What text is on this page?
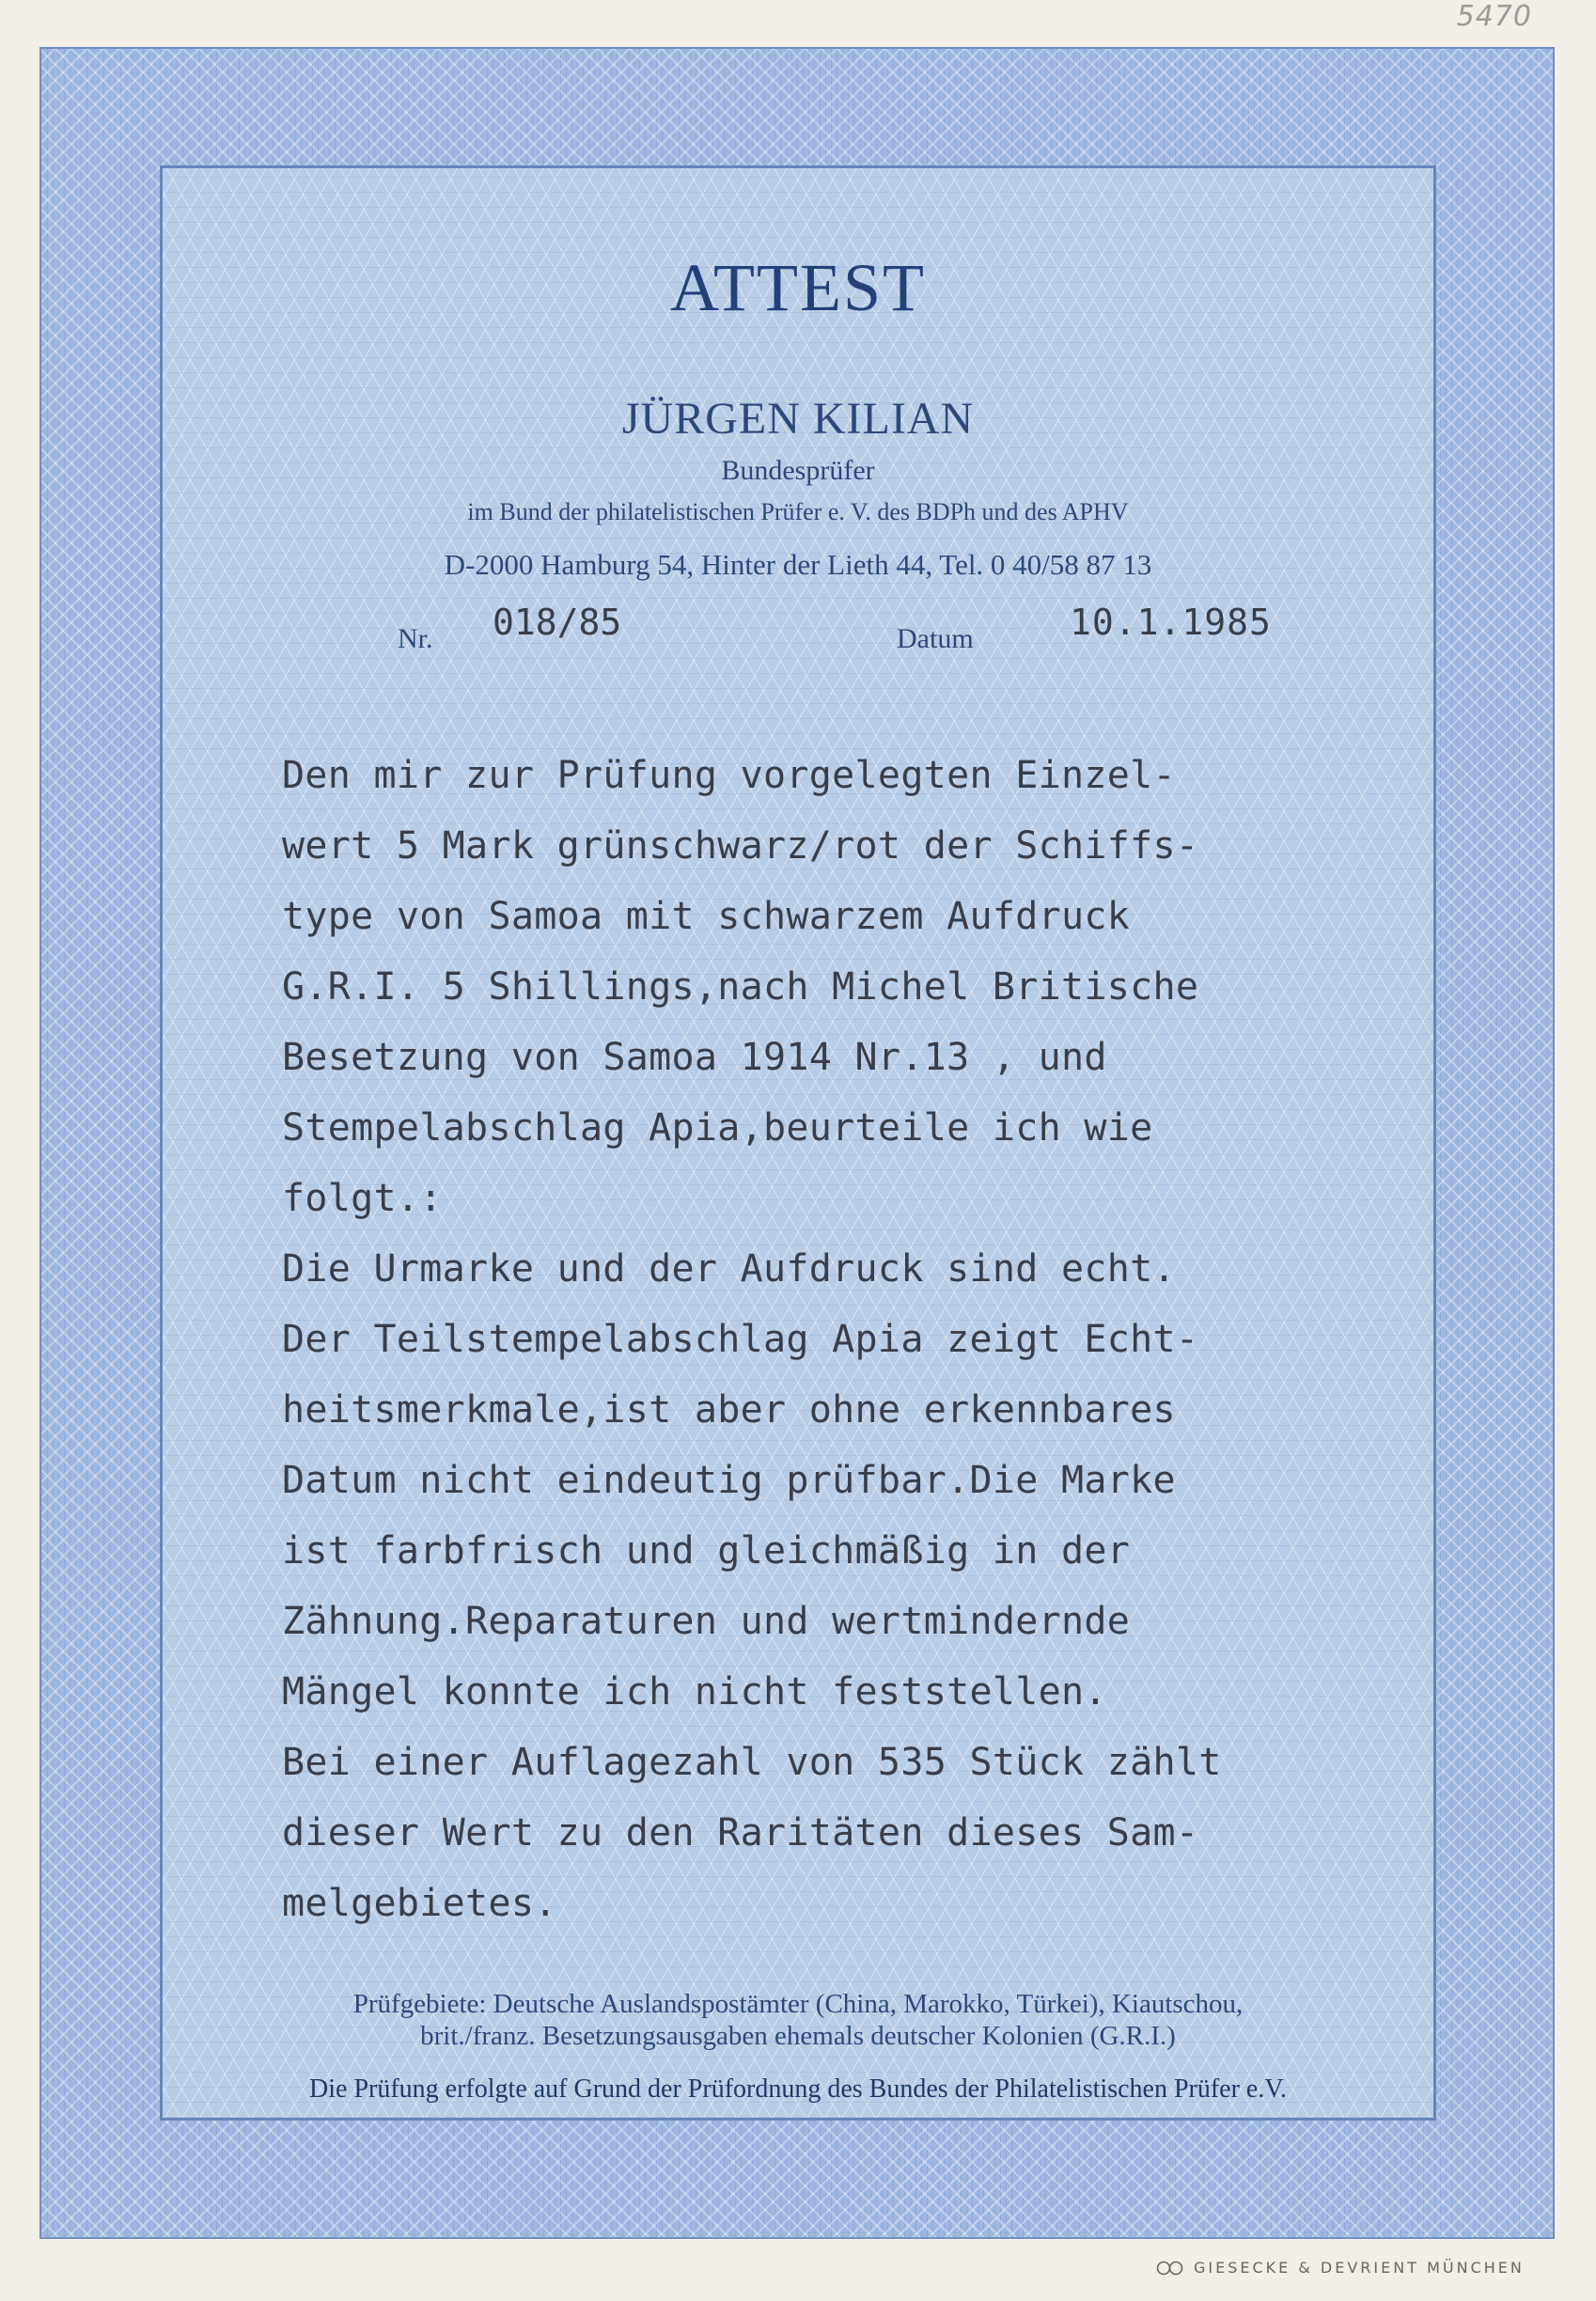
5470
ATTEST
JÜRGEN KILIAN
Bundesprüfer
im Bund der philatelistischen Prüfer e. V. des BDPh und des APHV
D-2000 Hamburg 54, Hinter der Lieth 44, Tel. 0 40/58 87 13
Nr. 018/85	Datum	10.1.1985
Den mir zur Prüfung vorgelegten Einzel-
wert 5 Mark grünschwarz/rot der Schiffs-
type von Samoa mit schwarzem Aufdruck
G.R.I. 5 Shillings,nach Michel Britische
Besetzung von Samoa 1914 Nr.13 , und
Stempelabschlag Apia,beurteile ich wie
folgt.:
Die Urmarke und der Aufdruck sind echt.
Der Teilstempelabschlag Apia zeigt Echt-
heitsmerkmale,ist aber ohne erkennbares
Datum nicht eindeutig prüfbar.Die Marke
ist farbfrisch und gleichmäßig in der
Zähnung.Reparaturen und wertmindernde
Mängel konnte ich nicht feststellen.
Bei einer Auflagezahl von 535 Stück zählt
dieser Wert zu den Raritäten dieses Sam-
melgebietes.
Prüfgebiete: Deutsche Auslandspostämter (China, Marokko, Türkei), Kiautschou,
brit./franz. Besetzungsausgaben ehemals deutscher Kolonien (G.R.I.)
Die Prüfung erfolgte auf Grund der Prüfordnung des Bundes der Philatelistischen Prüfer e.V.
GIESECKE & DEVRIENT MÜNCHEN
